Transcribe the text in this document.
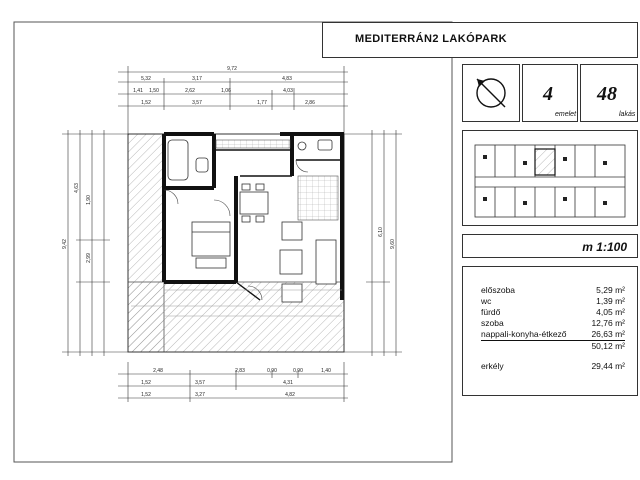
9,72
5,32	3,17	4,83
1,41 1,50	2,62	1,06	4,03
1,52	3,57	1,77	2,86
2,48	2,83	0,90	0,90	1,40
1,52	3,57	4,31
1,52	3,27	4,82
9,42
4,63
1,90
2,99
9,60
6,10
MEDITERRÁN2 LAKÓPARK
4
emelet
48
lakás
m 1:100
előszoba	5,29 m²
wc	1,39 m²
fürdő	4,05 m²
szoba	12,76 m²
nappali-konyha-étkező	26,63 m²
50,12 m²
erkély	29,44 m²
